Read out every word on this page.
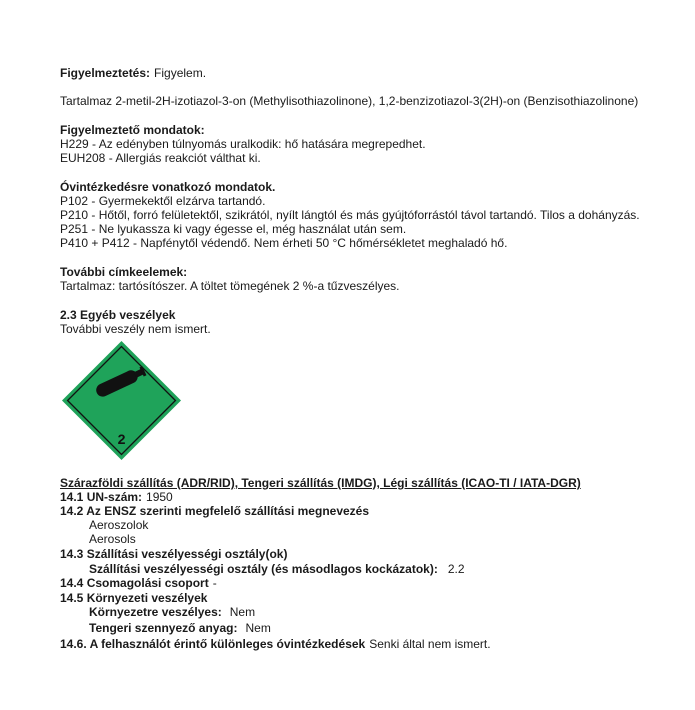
Figyelmeztetés: Figyelem.
Tartalmaz 2-metil-2H-izotiazol-3-on (Methylisothiazolinone), 1,2-benzizotiazol-3(2H)-on (Benzisothiazolinone)
Figyelmeztető mondatok:
H229 - Az edényben túlnyomás uralkodik: hő hatására megrepedhet.
EUH208 - Allergiás reakciót válthat ki.
Óvintézkedésre vonatkozó mondatok.
P102 - Gyermekektől elzárva tartandó.
P210 - Hőtől, forró felületektől, szikrától, nyílt lángtól és más gyújtóforrástól távol tartandó. Tilos a dohányzás.
P251 - Ne lyukassza ki vagy égesse el, még használat után sem.
P410 + P412 - Napfénytől védendő. Nem érheti 50 °C hőmérsékletet meghaladó hő.
További címkeelemek:
Tartalmaz: tartósítószer. A töltet tömegének 2 %-a tűzveszélyes.
2.3 Egyéb veszélyek
További veszély nem ismert.
2
Szárazföldi szállítás (ADR/RID), Tengeri szállítás (IMDG), Légi szállítás (ICAO-TI / IATA-DGR)
14.1 UN-szám: 1950
14.2 Az ENSZ szerinti megfelelő szállítási megnevezés
Aeroszolok
Aerosols
14.3 Szállítási veszélyességi osztály(ok)
Szállítási veszélyességi osztály (és másodlagos kockázatok): 2.2
14.4 Csomagolási csoport -
14.5 Környezeti veszélyek
Környezetre veszélyes: Nem
Tengeri szennyező anyag: Nem
14.6. A felhasználót érintő különleges óvintézkedések Senki által nem ismert.
